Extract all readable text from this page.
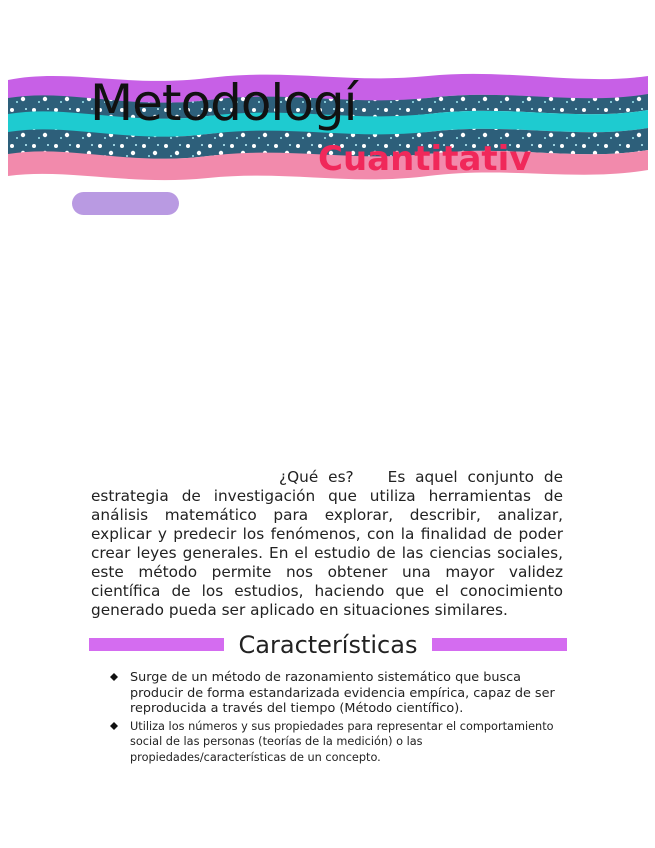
Metodologí
Cuantitativ
¿Qué es? Es aquel conjunto de estrategia de investigación que utiliza herramientas de análisis matemático para explorar, describir, analizar, explicar y predecir los fenómenos, con la finalidad de poder crear leyes generales. En el estudio de las ciencias sociales, este método permite nos obtener una mayor validez científica de los estudios, haciendo que el conocimiento generado pueda ser aplicado en situaciones similares.
Características
Surge de un método de razonamiento sistemático que busca producir de forma estandarizada evidencia empírica, capaz de ser reproducida a través del tiempo (Método científico).
Utiliza los números y sus propiedades para representar el comportamiento social de las personas (teorías de la medición) o las propiedades/características de un concepto.
